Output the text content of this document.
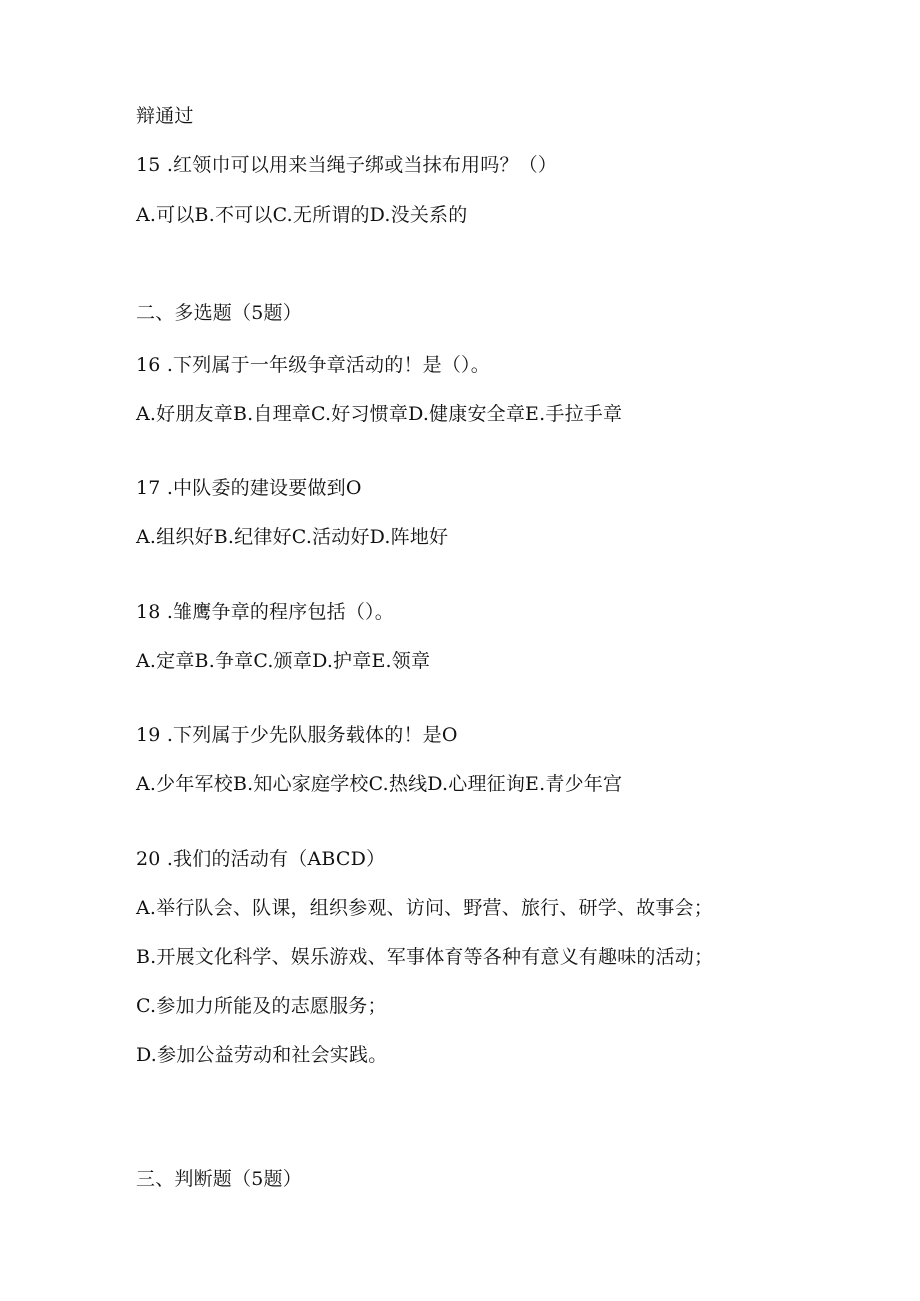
辩通过
15 .红领巾可以用来当绳子绑或当抹布用吗？（）
A.可以B.不可以C.无所谓的D.没关系的
二、多选题（5题）
16 .下列属于一年级争章活动的！是（）。
A.好朋友章B.自理章C.好习惯章D.健康安全章E.手拉手章
17 .中队委的建设要做到O
A.组织好B.纪律好C.活动好D.阵地好
18 .雏鹰争章的程序包括（）。
A.定章B.争章C.颁章D.护章E.领章
19 .下列属于少先队服务载体的！是O
A.少年军校B.知心家庭学校C.热线D.心理征询E.青少年宫
20 .我们的活动有（ABCD）
A.举行队会、队课，组织参观、访问、野营、旅行、研学、故事会；
B.开展文化科学、娱乐游戏、军事体育等各种有意义有趣味的活动；
C.参加力所能及的志愿服务；
D.参加公益劳动和社会实践。
三、判断题（5题）
